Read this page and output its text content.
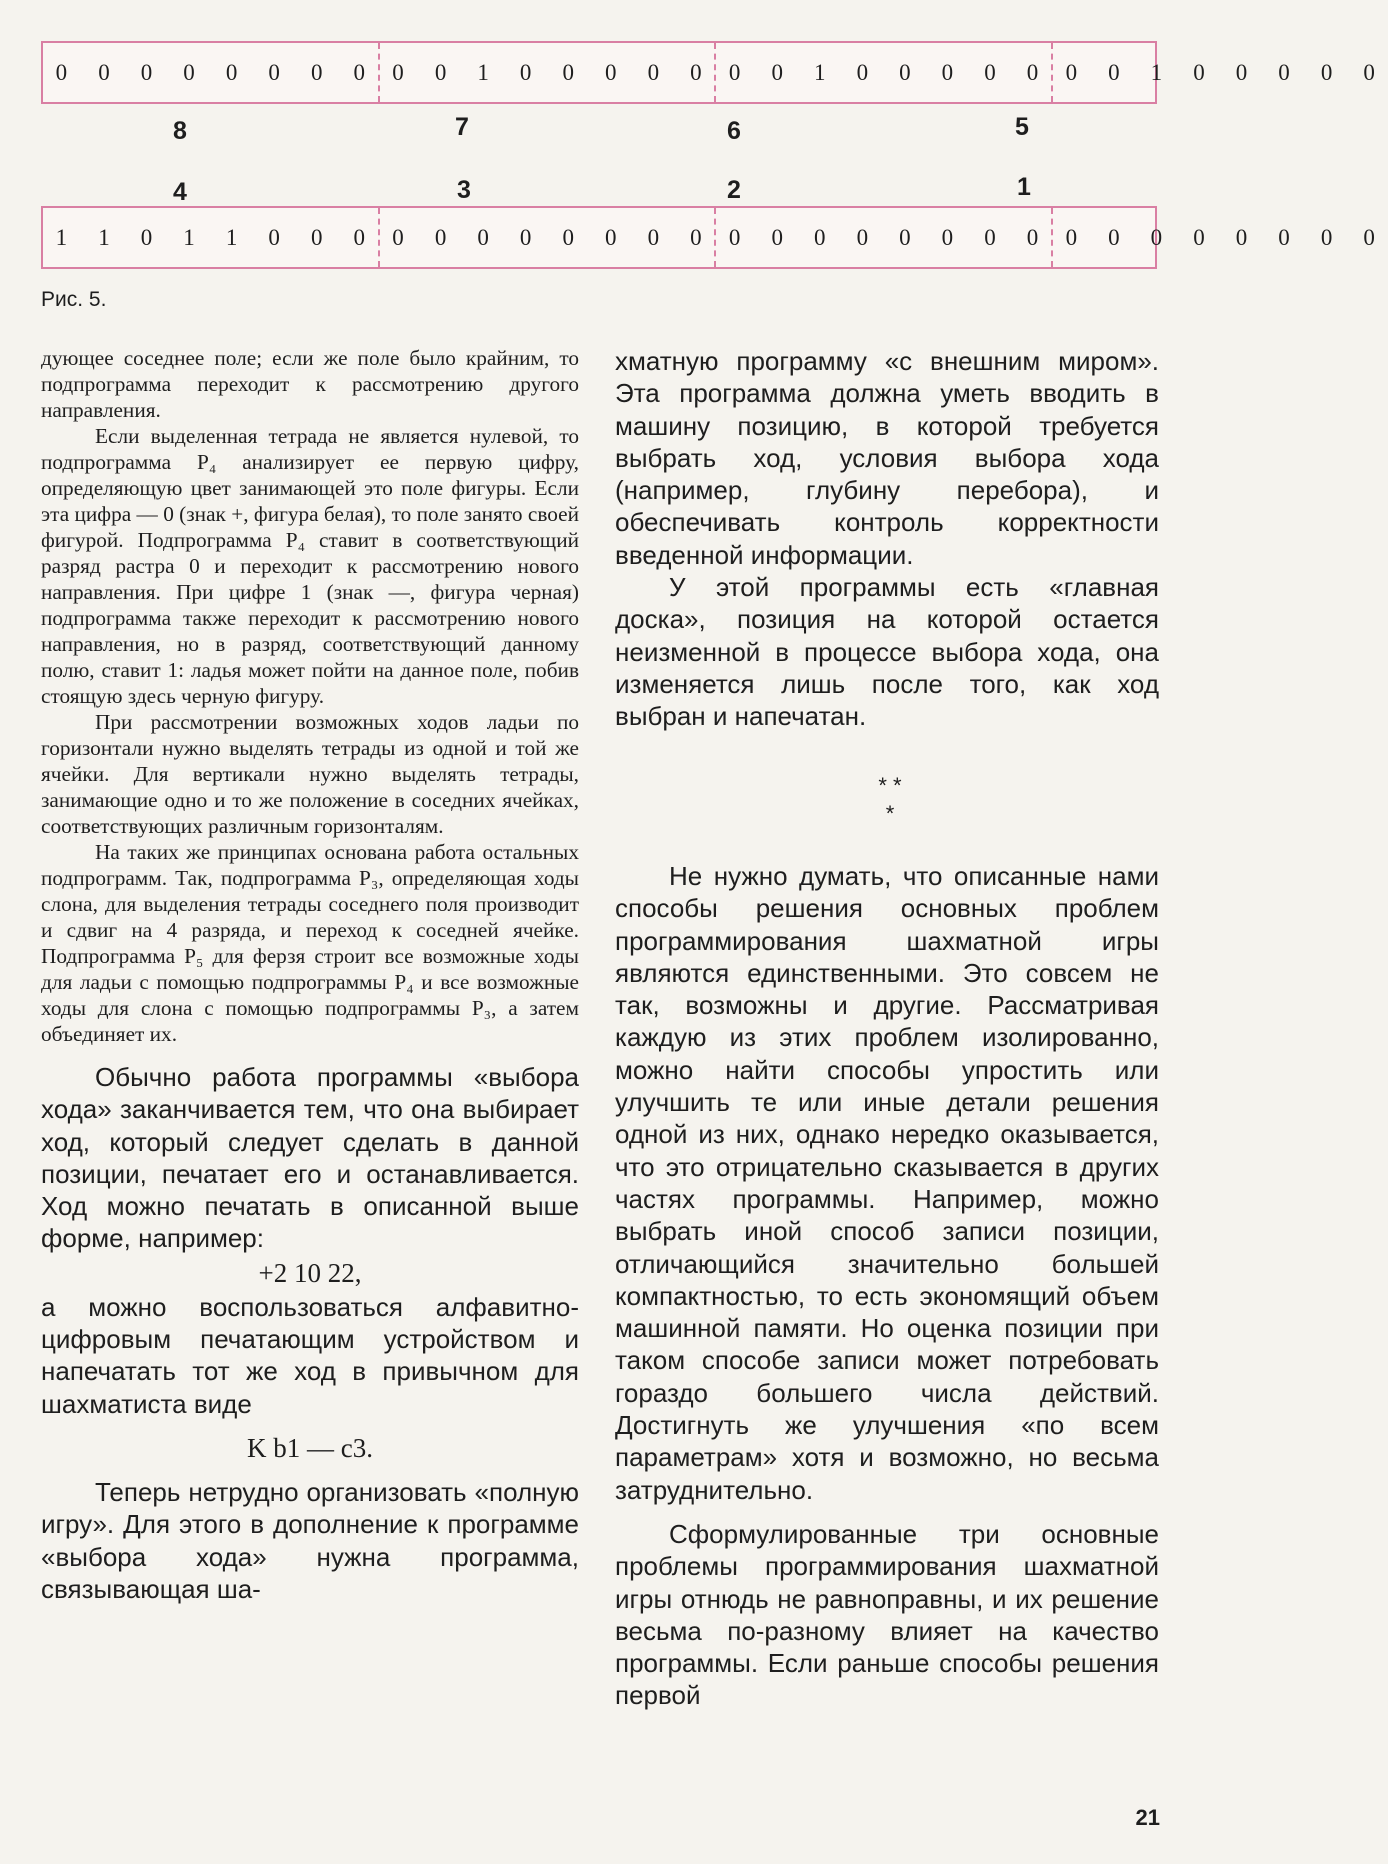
0 0 0 0 0 0 0 0 0 0 1 0 0 0 0 0 0 0 1 0 0 0 0 0 0 0 1 0 0 0 0 0
8	7	6	5
4	3	2	1
1 1 0 1 1 0 0 0 0 0 0 0 0 0 0 0 0 0 0 0 0 0 0 0 0 0 0 0 0 0 0 0
Рис. 5.

дующее соседнее поле; если же поле было крайним, то подпрограмма переходит к рассмотрению другого направления.

Если выделенная тетрада не является нулевой, то подпрограмма P₄ анализирует ее первую цифру, определяющую цвет занимающей это поле фигуры. Если эта цифра — 0 (знак +, фигура белая), то поле занято своей фигурой. Подпрограмма P₄ ставит в соответствующий разряд растра 0 и переходит к рассмотрению нового направления. При цифре 1 (знак —, фигура черная) подпрограмма также переходит к рассмотрению нового направления, но в разряд, соответствующий данному полю, ставит 1: ладья может пойти на данное поле, побив стоящую здесь черную фигуру.

При рассмотрении возможных ходов ладьи по горизонтали нужно выделять тетрады из одной и той же ячейки. Для вертикали нужно выделять тетрады, занимающие одно и то же положение в соседних ячейках, соответствующих различным горизонталям.

На таких же принципах основана работа остальных подпрограмм. Так, подпрограмма P₃, определяющая ходы слона, для выделения тетрады соседнего поля производит и сдвиг на 4 разряда, и переход к соседней ячейке. Подпрограмма P₅ для ферзя строит все возможные ходы для ладьи с помощью подпрограммы P₄ и все возможные ходы для слона с помощью подпрограммы P₃, а затем объединяет их.

Обычно работа программы «выбора хода» заканчивается тем, что она выбирает ход, который следует сделать в данной позиции, печатает его и останавливается. Ход можно печатать в описанной выше форме, например:

+2 10 22,

а можно воспользоваться алфавитно-цифровым печатающим устройством и напечатать тот же ход в привычном для шахматиста виде

K b1 — c3.

Теперь нетрудно организовать «полную игру». Для этого в дополнение к программе «выбора хода» нужна программа, связывающая ша-

хматную программу «с внешним миром». Эта программа должна уметь вводить в машину позицию, в которой требуется выбрать ход, условия выбора хода (например, глубину перебора), и обеспечивать контроль корректности введенной информации.

У этой программы есть «главная доска», позиция на которой остается неизменной в процессе выбора хода, она изменяется лишь после того, как ход выбран и напечатан.

* *
*

Не нужно думать, что описанные нами способы решения основных проблем программирования шахматной игры являются единственными. Это совсем не так, возможны и другие. Рассматривая каждую из этих проблем изолированно, можно найти способы упростить или улучшить те или иные детали решения одной из них, однако нередко оказывается, что это отрицательно сказывается в других частях программы. Например, можно выбрать иной способ записи позиции, отличающийся значительно большей компактностью, то есть экономящий объем машинной памяти. Но оценка позиции при таком способе записи может потребовать гораздо большего числа действий. Достигнуть же улучшения «по всем параметрам» хотя и возможно, но весьма затруднительно.

Сформулированные три основные проблемы программирования шахматной игры отнюдь не равноправны, и их решение весьма по-разному влияет на качество программы. Если раньше способы решения первой

21
